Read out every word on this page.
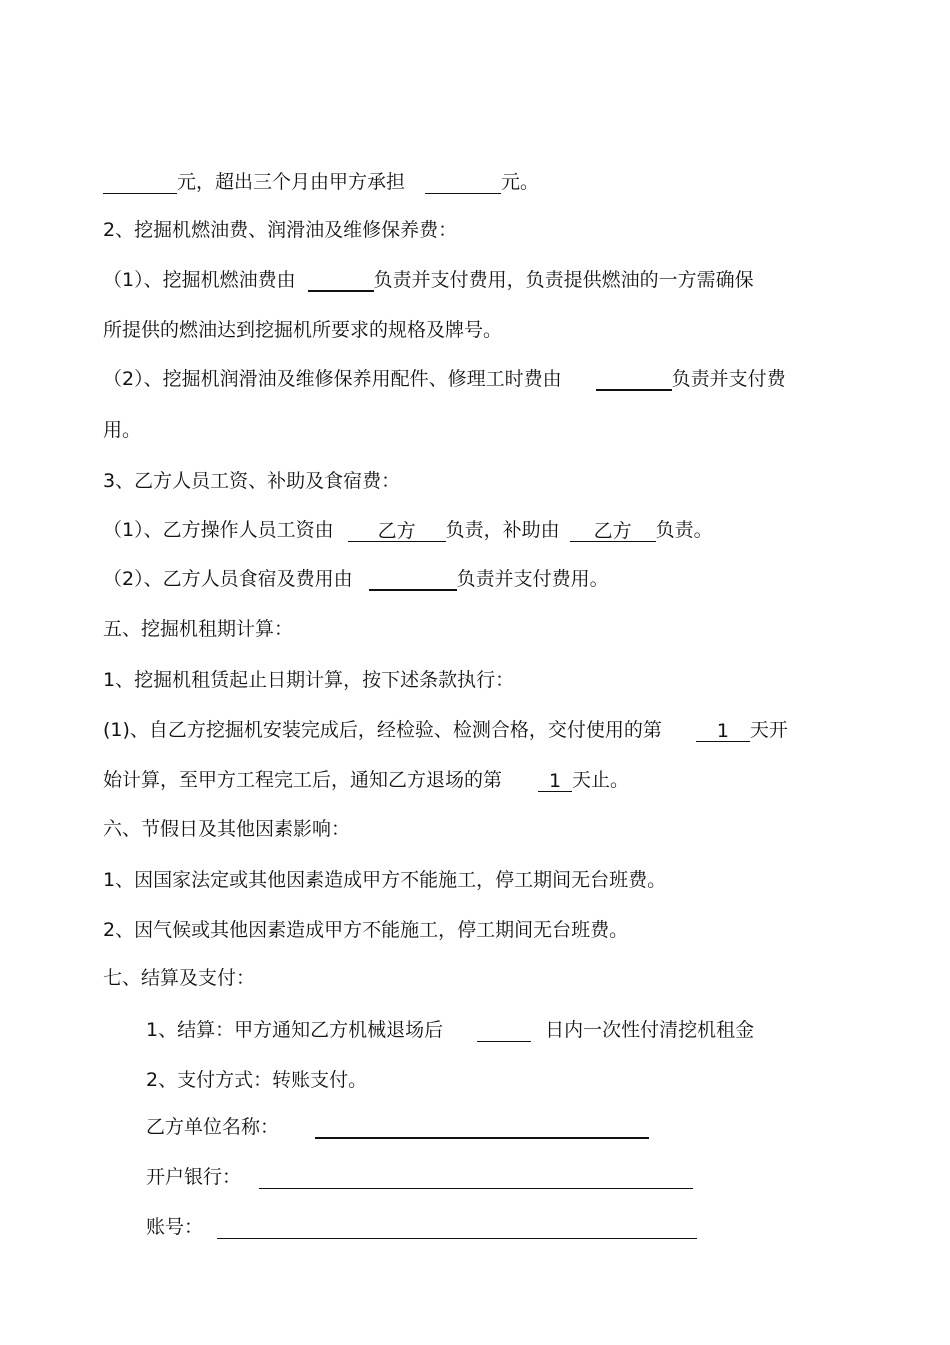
元，超出三个月由甲方承担	元。
2、挖掘机燃油费、润滑油及维修保养费：
（1）、挖掘机燃油费由	负责并支付费用，负责提供燃油的一方需确保
所提供的燃油达到挖掘机所要求的规格及牌号。
（2）、挖掘机润滑油及维修保养用配件、修理工时费由	负责并支付费
用。
3、乙方人员工资、补助及食宿费：
（1）、乙方操作人员工资由 乙方 负责，补助由 乙方 负责。
（2）、乙方人员食宿及费用由	负责并支付费用。
五、挖掘机租期计算：
1、挖掘机租赁起止日期计算，按下述条款执行：
(1)、自乙方挖掘机安装完成后，经检验、检测合格，交付使用的第	1 天开
始计算，至甲方工程完工后，通知乙方退场的第 1 天止。
六、节假日及其他因素影响：
1、因国家法定或其他因素造成甲方不能施工，停工期间无台班费。
2、因气候或其他因素造成甲方不能施工，停工期间无台班费。
七、结算及支付：
1、结算：甲方通知乙方机械退场后	日内一次性付清挖机租金
2、支付方式：转账支付。
乙方单位名称：
开户银行：
账号：
